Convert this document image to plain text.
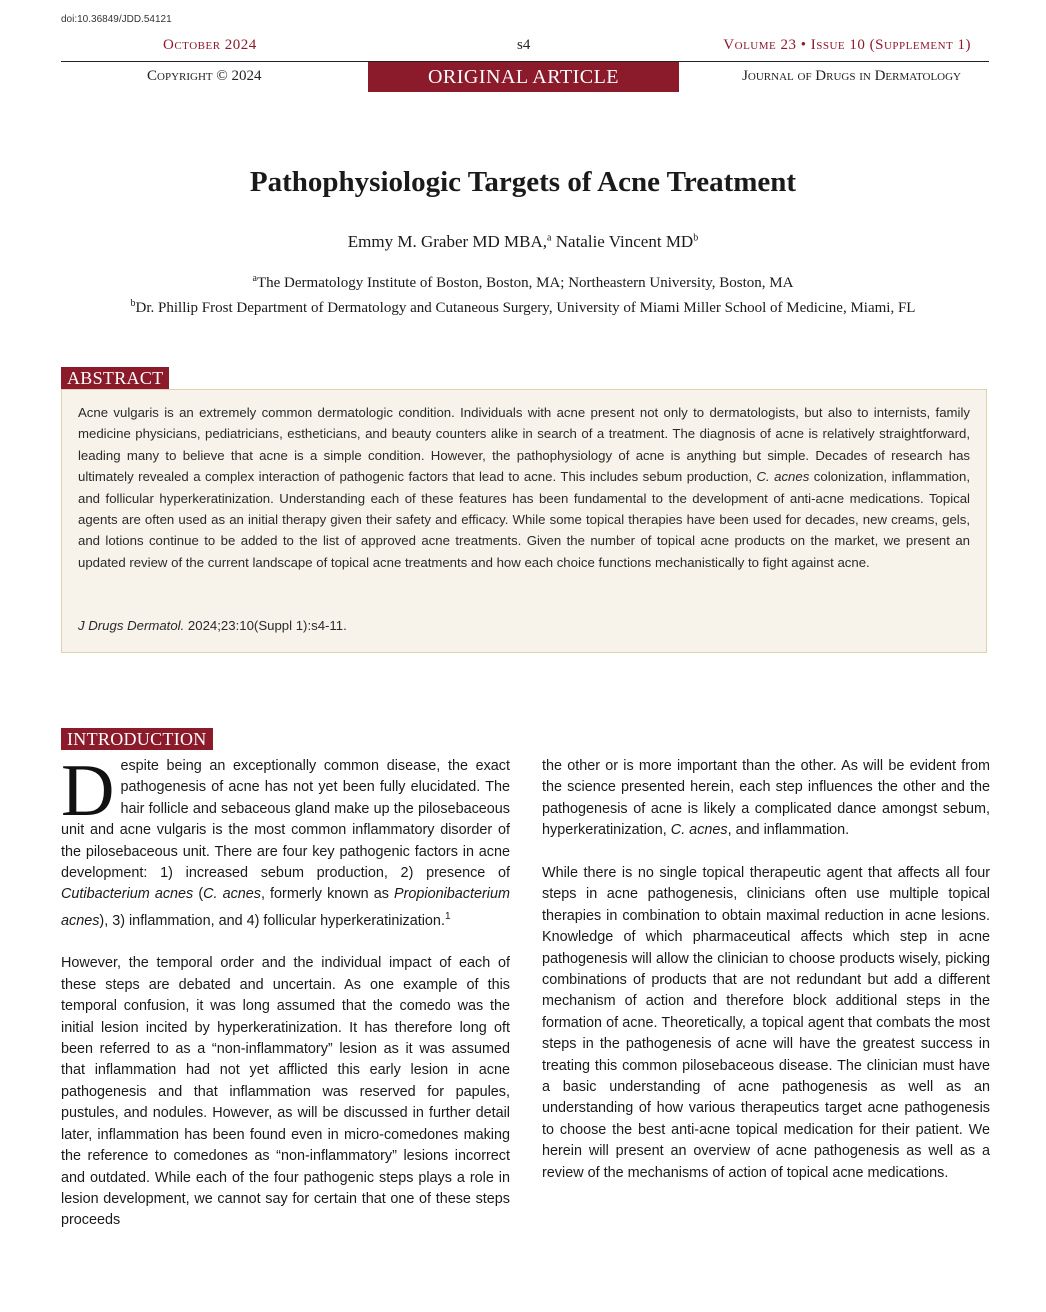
doi:10.36849/JDD.54121
October 2024	s4	Volume 23 • Issue 10 (Supplement 1)
Copyright © 2024	ORIGINAL ARTICLE	Journal of Drugs in Dermatology
Pathophysiologic Targets of Acne Treatment
Emmy M. Graber MD MBA,$^a$ Natalie Vincent $MD^b$
$^a$The Dermatology Institute of Boston, Boston, MA; Northeastern University, Boston, MA
$^b$Dr. Phillip Frost Department of Dermatology and Cutaneous Surgery, University of Miami Miller School of Medicine, Miami, FL
ABSTRACT
Acne vulgaris is an extremely common dermatologic condition. Individuals with acne present not only to dermatologists, but also to internists, family medicine physicians, pediatricians, estheticians, and beauty counters alike in search of a treatment. The diagnosis of acne is relatively straightforward, leading many to believe that acne is a simple condition. However, the pathophysiology of acne is anything but simple. Decades of research has ultimately revealed a complex interaction of pathogenic factors that lead to acne. This includes sebum production, C. acnes colonization, inflammation, and follicular hyperkeratinization. Understanding each of these features has been fundamental to the development of anti-acne medications. Topical agents are often used as an initial therapy given their safety and efficacy. While some topical therapies have been used for decades, new creams, gels, and lotions continue to be added to the list of approved acne treatments. Given the number of topical acne products on the market, we present an updated review of the current landscape of topical acne treatments and how each choice functions mechanistically to fight against acne.
J Drugs Dermatol. 2024;23:10(Suppl 1):s4-11.
INTRODUCTION

Despite being an exceptionally common disease, the exact pathogenesis of acne has not yet been fully elucidated. The hair follicle and sebaceous gland make up the pilosebaceous unit and acne vulgaris is the most common inflammatory disorder of the pilosebaceous unit. There are four key pathogenic factors in acne development: 1) increased sebum production, 2) presence of Cutibacterium acnes (C. acnes, formerly known as Propionibacterium acnes), 3) inflammation, and 4) follicular hyperkeratinization.$^1$

However, the temporal order and the individual impact of each of these steps are debated and uncertain. As one example of this temporal confusion, it was long assumed that the comedo was the initial lesion incited by hyperkeratinization. It has therefore long oft been referred to as a “non-inflammatory” lesion as it was assumed that inflammation had not yet afflicted this early lesion in acne pathogenesis and that inflammation was reserved for papules, pustules, and nodules. However, as will be discussed in further detail later, inflammation has been found even in micro-comedones making the reference to comedones as “non-inflammatory” lesions incorrect and outdated. While each of the four pathogenic steps plays a role in lesion development, we cannot say for certain that one of these steps proceeds

the other or is more important than the other. As will be evident from the science presented herein, each step influences the other and the pathogenesis of acne is likely a complicated dance amongst sebum, hyperkeratinization, C. acnes, and inflammation.

While there is no single topical therapeutic agent that affects all four steps in acne pathogenesis, clinicians often use multiple topical therapies in combination to obtain maximal reduction in acne lesions. Knowledge of which pharmaceutical affects which step in acne pathogenesis will allow the clinician to choose products wisely, picking combinations of products that are not redundant but add a different mechanism of action and therefore block additional steps in the formation of acne. Theoretically, a topical agent that combats the most steps in the pathogenesis of acne will have the greatest success in treating this common pilosebaceous disease. The clinician must have a basic understanding of acne pathogenesis as well as an understanding of how various therapeutics target acne pathogenesis to choose the best anti-acne topical medication for their patient. We herein will present an overview of acne pathogenesis as well as a review of the mechanisms of action of topical acne medications.
